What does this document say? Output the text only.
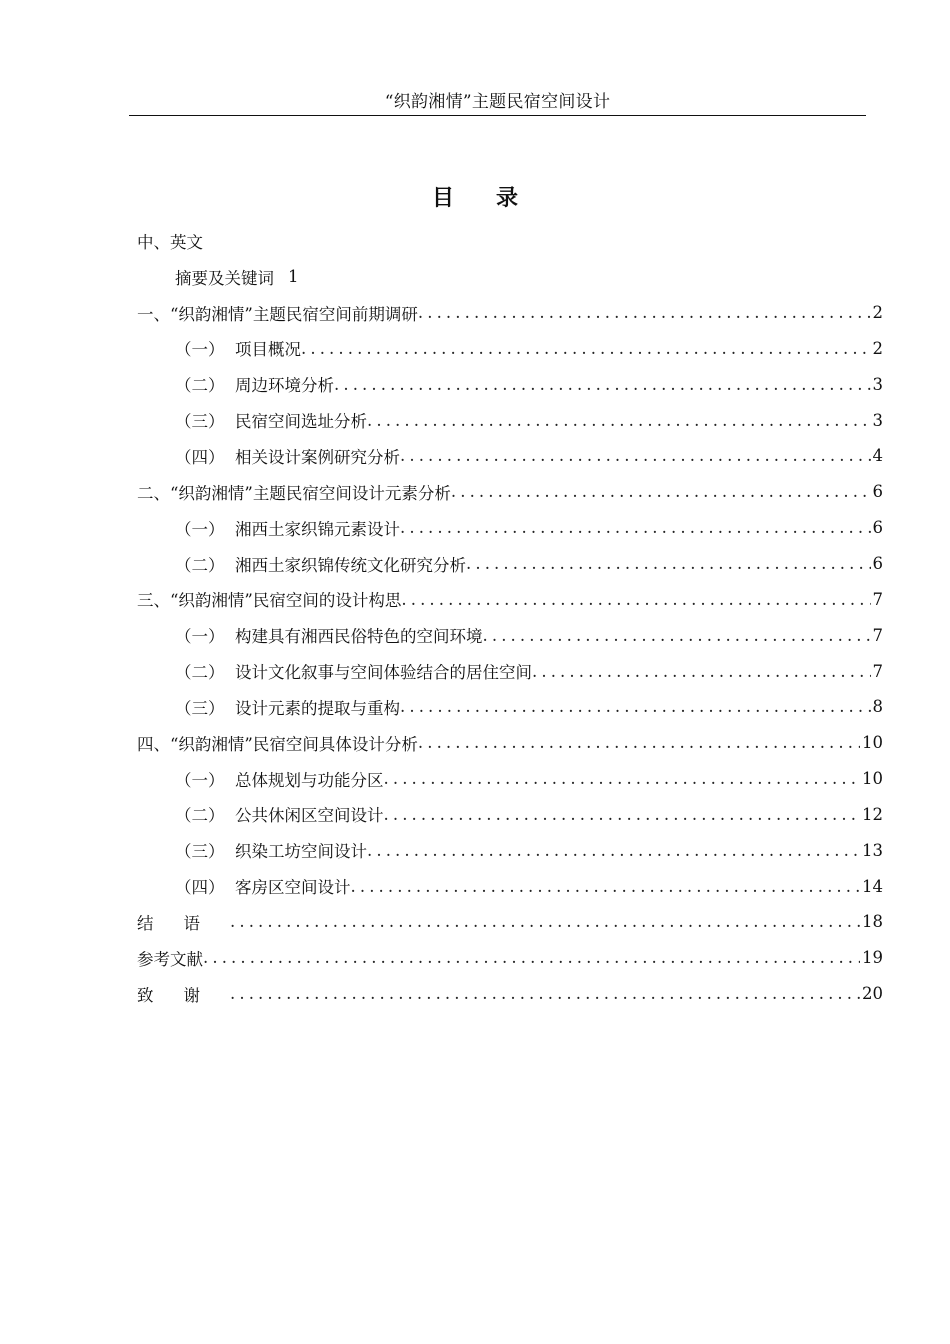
“织韵湘情”主题民宿空间设计
目录
中、英文
摘要及关键词 1
一、 “织韵湘情”主题民宿空间前期调研 .....	2
（一） 项目概况 .....	2
（二） 周边环境分析 .....	3
（三） 民宿空间选址分析 .....	3
（四） 相关设计案例研究分析 .....	4
二、 “织韵湘情”主题民宿空间设计元素分析 .....	6
（一） 湘西土家织锦元素设计 .....	6
（二） 湘西土家织锦传统文化研究分析 .....	6
三、 “织韵湘情”民宿空间的设计构思 .....	7
（一） 构建具有湘西民俗特色的空间环境 .....	7
（二） 设计文化叙事与空间体验结合的居住空间 .....	7
（三） 设计元素的提取与重构 .....	8
四、 “织韵湘情”民宿空间具体设计分析 .....	10
（一） 总体规划与功能分区 .....	10
（二） 公共休闲区空间设计 .....	12
（三） 织染工坊空间设计 .....	13
（四） 客房区空间设计 .....	14
结语 .....	18
参考文献 .....	19
致谢 .....	20
